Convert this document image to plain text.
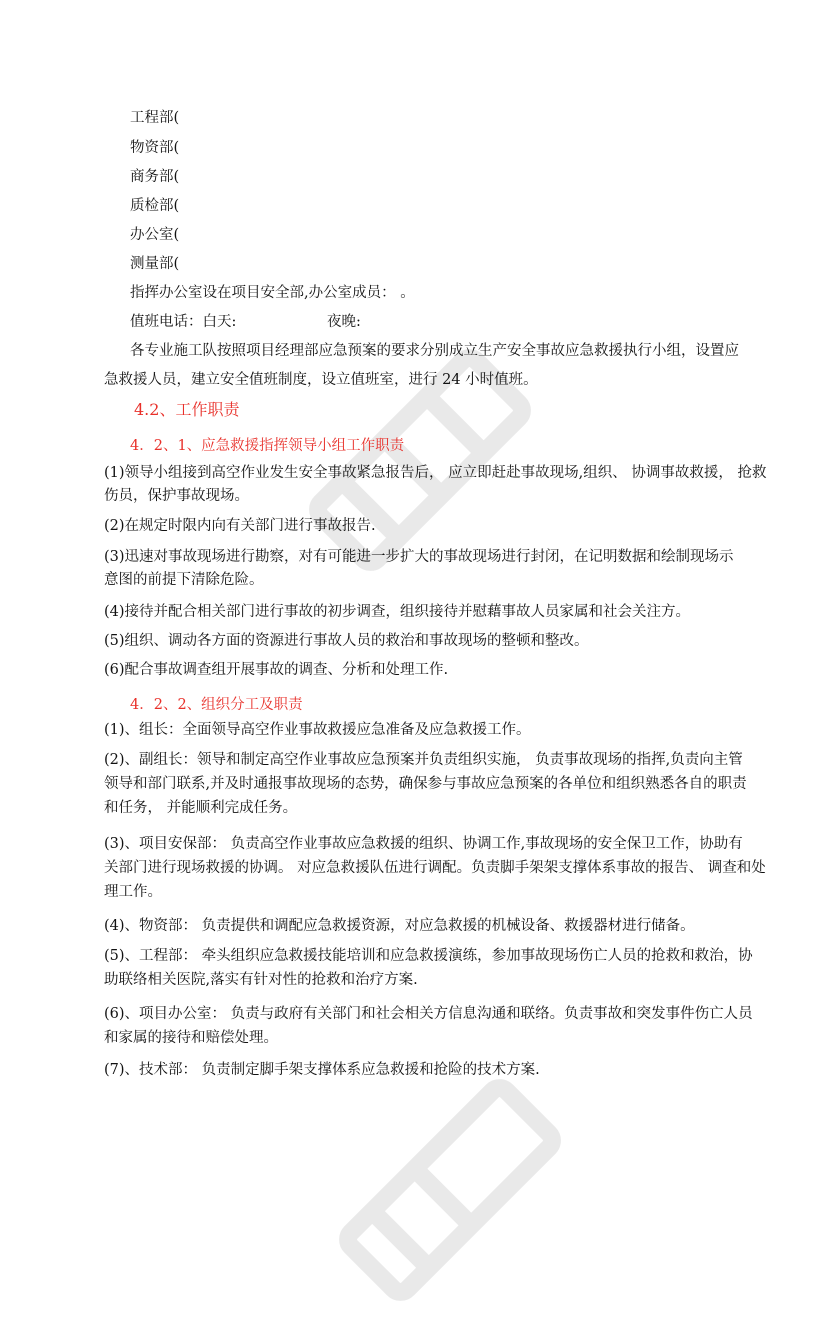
工程部(
物资部(
商务部(
质检部(
办公室(
测量部(
指挥办公室设在项目安全部,办公室成员： 。
值班电话：白天:	夜晚:
各专业施工队按照项目经理部应急预案的要求分别成立生产安全事故应急救援执行小组，设置应
急救援人员，建立安全值班制度，设立值班室，进行 24 小时值班。
4.2、工作职责
4．2、1、应急救援指挥领导小组工作职责
(1)领导小组接到高空作业发生安全事故紧急报告后， 应立即赶赴事故现场,组织、 协调事故救援， 抢救
伤员，保护事故现场。
(2)在规定时限内向有关部门进行事故报告.
(3)迅速对事故现场进行勘察，对有可能进一步扩大的事故现场进行封闭，在记明数据和绘制现场示
意图的前提下清除危险。
(4)接待并配合相关部门进行事故的初步调查，组织接待并慰藉事故人员家属和社会关注方。
(5)组织、调动各方面的资源进行事故人员的救治和事故现场的整顿和整改。
(6)配合事故调查组开展事故的调查、分析和处理工作.
4．2、2、组织分工及职责
(1)、组长：全面领导高空作业事故救援应急准备及应急救援工作。
(2)、副组长：领导和制定高空作业事故应急预案并负责组织实施， 负责事故现场的指挥,负责向主管
领导和部门联系,并及时通报事故现场的态势，确保参与事故应急预案的各单位和组织熟悉各自的职责
和任务， 并能顺利完成任务。
(3)、项目安保部： 负责高空作业事故应急救援的组织、协调工作,事故现场的安全保卫工作，协助有
关部门进行现场救援的协调。 对应急救援队伍进行调配。负责脚手架架支撑体系事故的报告、 调查和处
理工作。
(4)、物资部： 负责提供和调配应急救援资源，对应急救援的机械设备、救援器材进行储备。
(5)、工程部： 牵头组织应急救援技能培训和应急救援演练，参加事故现场伤亡人员的抢救和救治，协
助联络相关医院,落实有针对性的抢救和治疗方案.
(6)、项目办公室： 负责与政府有关部门和社会相关方信息沟通和联络。负责事故和突发事件伤亡人员
和家属的接待和赔偿处理。
(7)、技术部： 负责制定脚手架支撑体系应急救援和抢险的技术方案.
